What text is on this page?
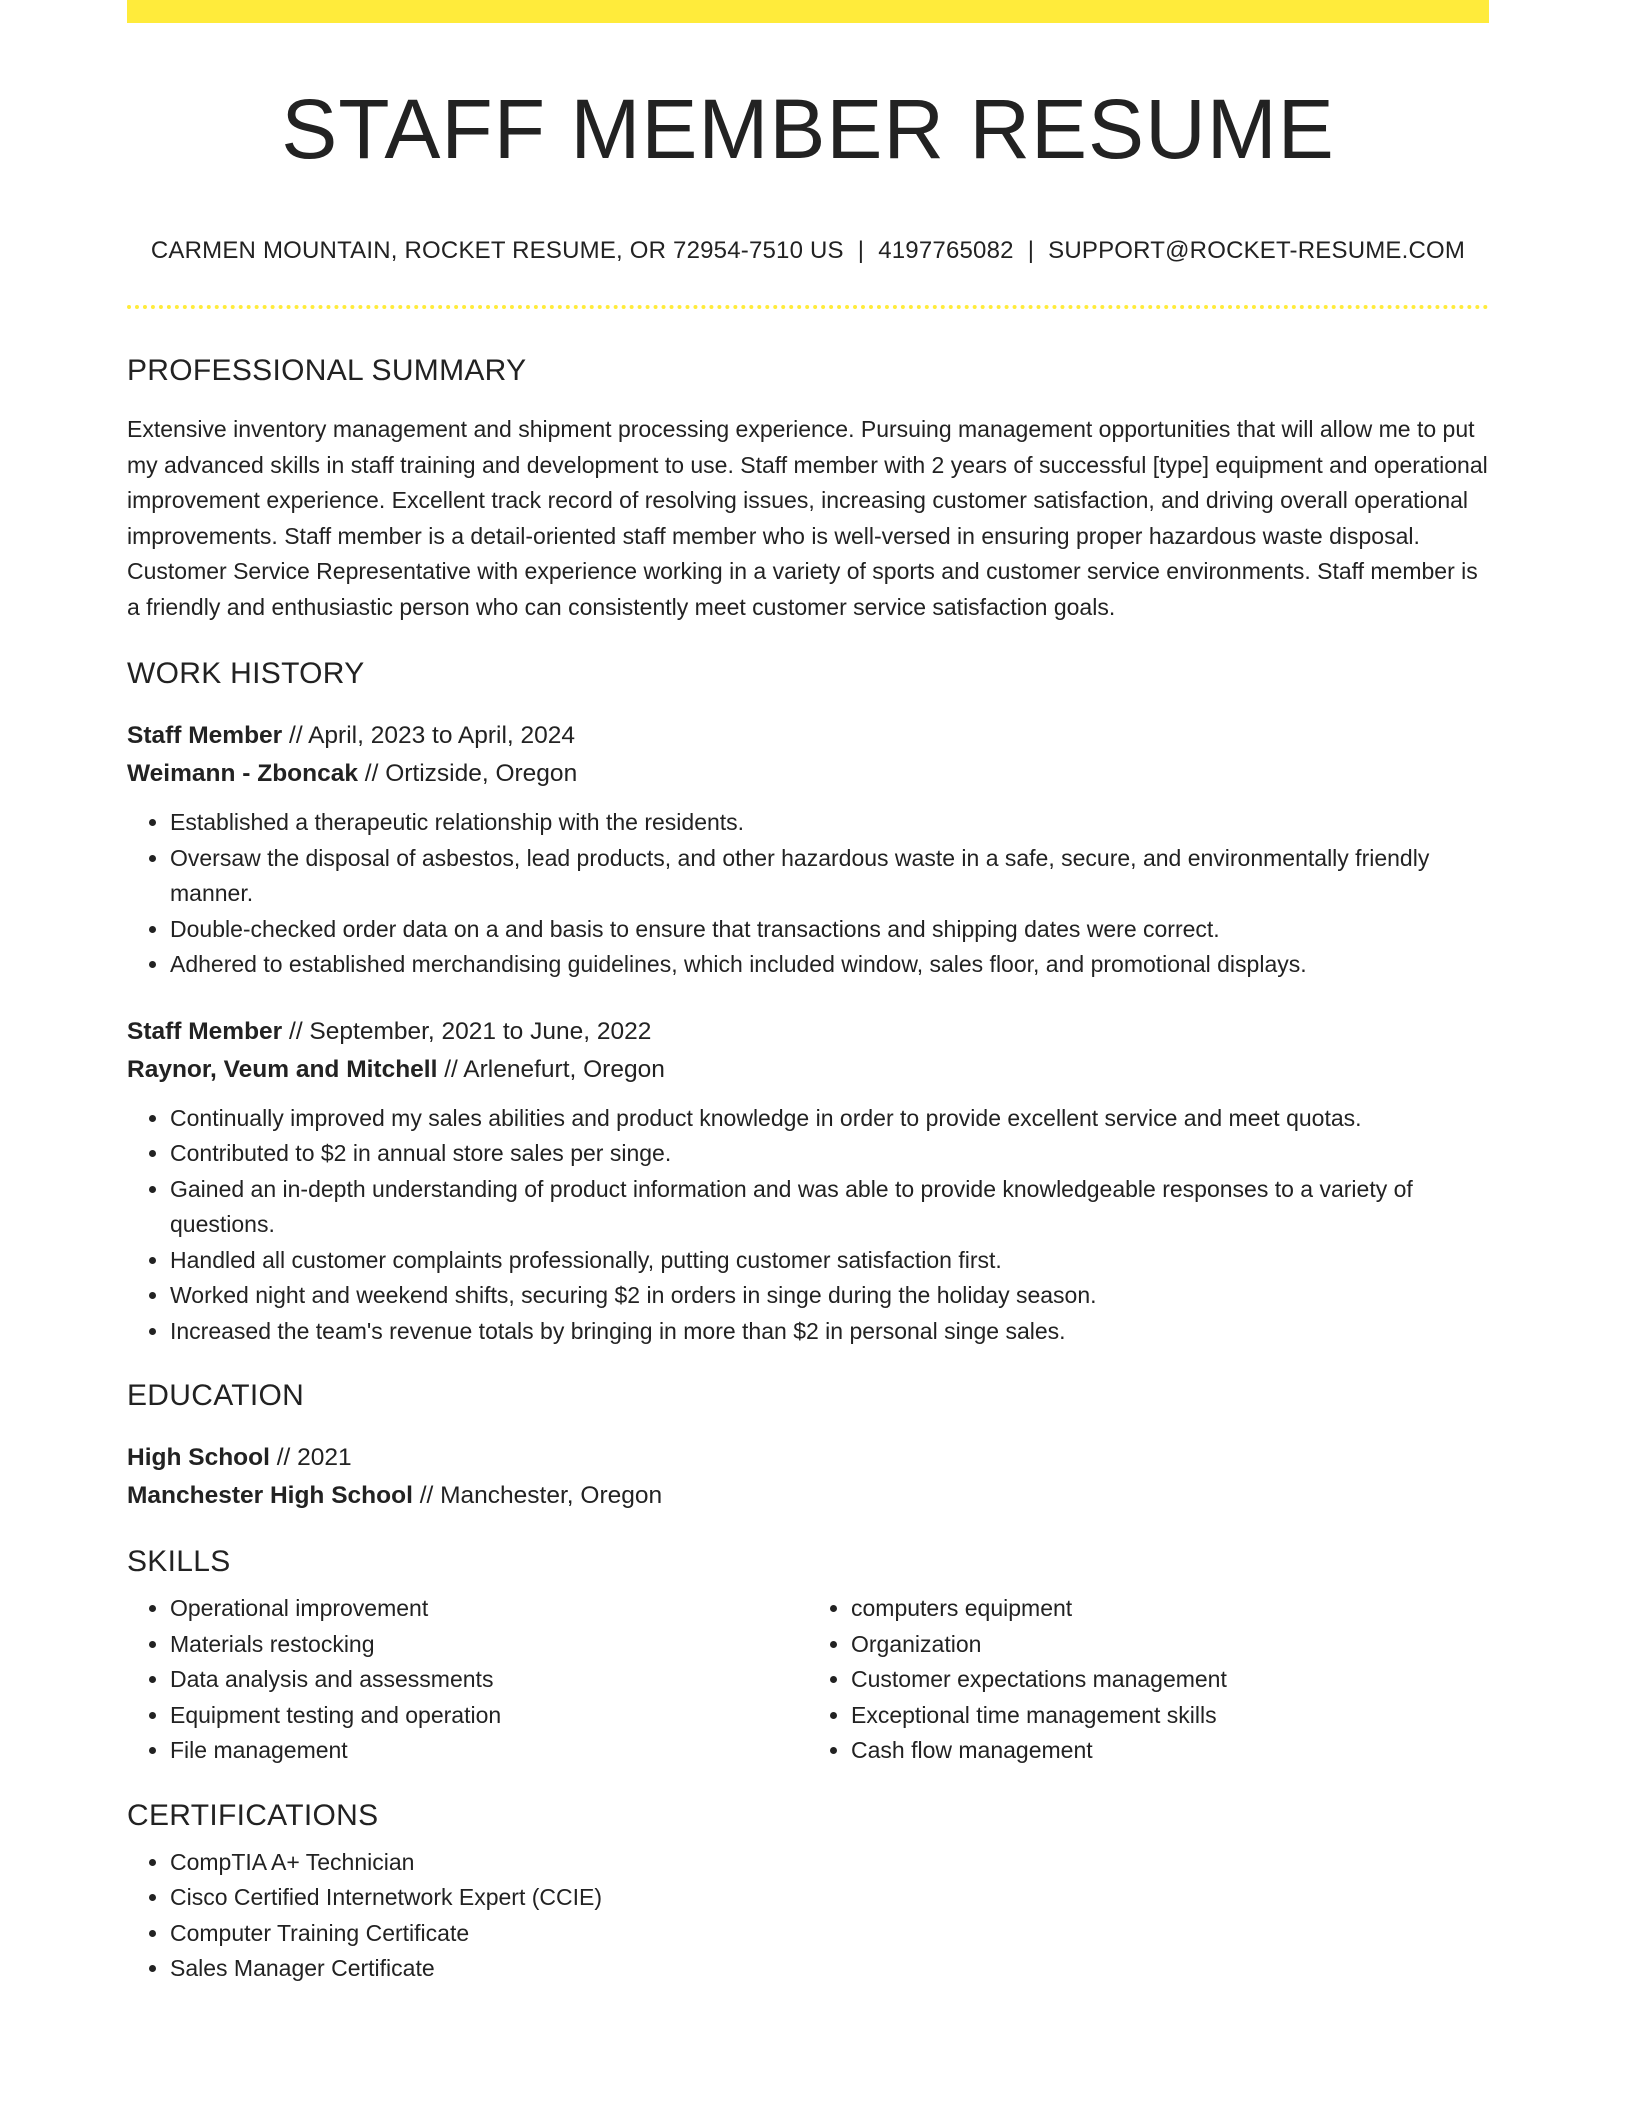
STAFF MEMBER RESUME
CARMEN MOUNTAIN, ROCKET RESUME, OR 72954-7510 US | 4197765082 | SUPPORT@ROCKET-RESUME.COM
PROFESSIONAL SUMMARY
Extensive inventory management and shipment processing experience. Pursuing management opportunities that will allow me to put my advanced skills in staff training and development to use. Staff member with 2 years of successful [type] equipment and operational improvement experience. Excellent track record of resolving issues, increasing customer satisfaction, and driving overall operational improvements. Staff member is a detail-oriented staff member who is well-versed in ensuring proper hazardous waste disposal. Customer Service Representative with experience working in a variety of sports and customer service environments. Staff member is a friendly and enthusiastic person who can consistently meet customer service satisfaction goals.
WORK HISTORY
Staff Member // April, 2023 to April, 2024
Weimann - Zboncak // Ortizside, Oregon
• Established a therapeutic relationship with the residents.
• Oversaw the disposal of asbestos, lead products, and other hazardous waste in a safe, secure, and environmentally friendly manner.
• Double-checked order data on a and basis to ensure that transactions and shipping dates were correct.
• Adhered to established merchandising guidelines, which included window, sales floor, and promotional displays.
Staff Member // September, 2021 to June, 2022
Raynor, Veum and Mitchell // Arlenefurt, Oregon
• Continually improved my sales abilities and product knowledge in order to provide excellent service and meet quotas.
• Contributed to $2 in annual store sales per singe.
• Gained an in-depth understanding of product information and was able to provide knowledgeable responses to a variety of questions.
• Handled all customer complaints professionally, putting customer satisfaction first.
• Worked night and weekend shifts, securing $2 in orders in singe during the holiday season.
• Increased the team's revenue totals by bringing in more than $2 in personal singe sales.
EDUCATION
High School // 2021
Manchester High School // Manchester, Oregon
SKILLS
• Operational improvement
• Materials restocking
• Data analysis and assessments
• Equipment testing and operation
• File management
• computers equipment
• Organization
• Customer expectations management
• Exceptional time management skills
• Cash flow management
CERTIFICATIONS
• CompTIA A+ Technician
• Cisco Certified Internetwork Expert (CCIE)
• Computer Training Certificate
• Sales Manager Certificate
